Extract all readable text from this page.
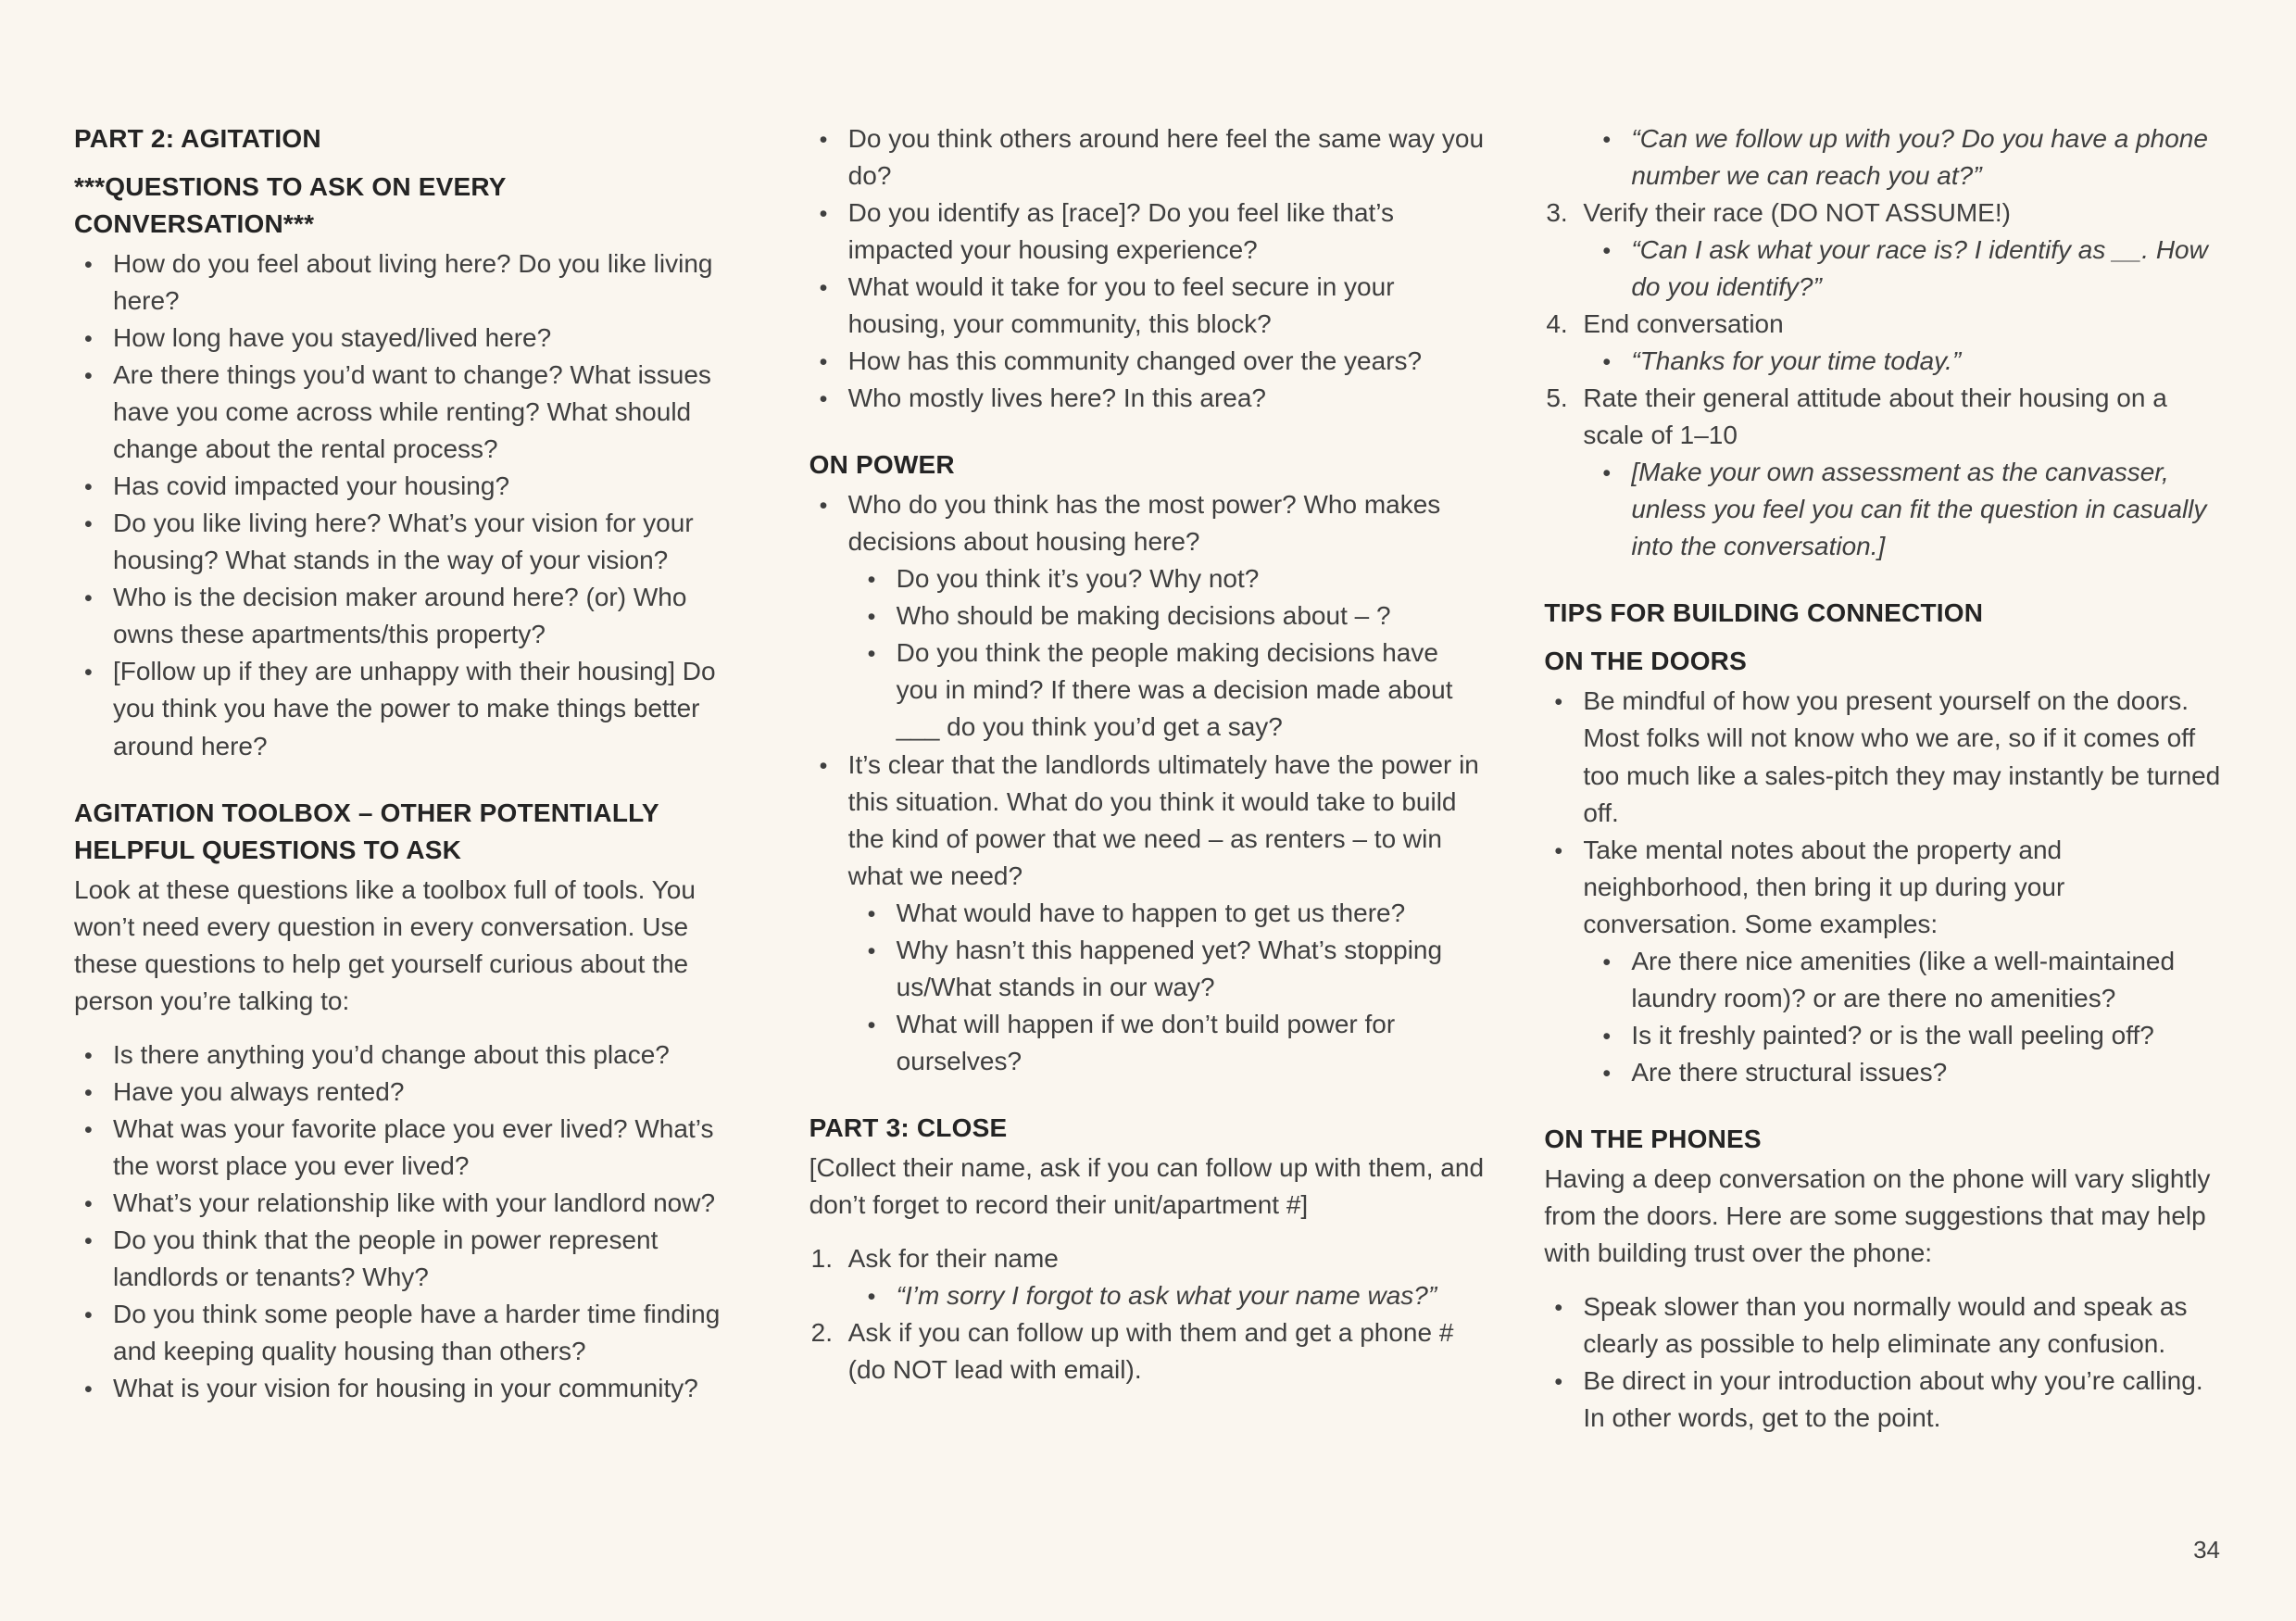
PART 2: AGITATION
***QUESTIONS TO ASK ON EVERY CONVERSATION***
• How do you feel about living here? Do you like living here?
• How long have you stayed/lived here?
• Are there things you’d want to change? What issues have you come across while renting? What should change about the rental process?
• Has covid impacted your housing?
• Do you like living here? What’s your vision for your housing? What stands in the way of your vision?
• Who is the decision maker around here? (or) Who owns these apartments/this property?
• [Follow up if they are unhappy with their housing] Do you think you have the power to make things better around here?
AGITATION TOOLBOX – OTHER POTENTIALLY HELPFUL QUESTIONS TO ASK
Look at these questions like a toolbox full of tools. You won’t need every question in every conversation. Use these questions to help get yourself curious about the person you’re talking to:
• Is there anything you’d change about this place?
• Have you always rented?
• What was your favorite place you ever lived? What’s the worst place you ever lived?
• What’s your relationship like with your landlord now?
• Do you think that the people in power represent landlords or tenants? Why?
• Do you think some people have a harder time finding and keeping quality housing than others?
• What is your vision for housing in your community?
• Do you think others around here feel the same way you do?
• Do you identify as [race]? Do you feel like that’s impacted your housing experience?
• What would it take for you to feel secure in your housing, your community, this block?
• How has this community changed over the years?
• Who mostly lives here? In this area?
ON POWER
• Who do you think has the most power? Who makes decisions about housing here?
• Do you think it’s you? Why not?
• Who should be making decisions about – ?
• Do you think the people making decisions have you in mind? If there was a decision made about ___ do you think you’d get a say?
• It’s clear that the landlords ultimately have the power in this situation. What do you think it would take to build the kind of power that we need – as renters – to win what we need?
• What would have to happen to get us there?
• Why hasn’t this happened yet? What’s stopping us/What stands in our way?
• What will happen if we don’t build power for ourselves?
PART 3: CLOSE
[Collect their name, ask if you can follow up with them, and don’t forget to record their unit/apartment #]
1. Ask for their name
• “I’m sorry I forgot to ask what your name was?”
2. Ask if you can follow up with them and get a phone # (do NOT lead with email).
• “Can we follow up with you? Do you have a phone number we can reach you at?”
3. Verify their race (DO NOT ASSUME!)
• “Can I ask what your race is? I identify as __. How do you identify?”
4. End conversation
• “Thanks for your time today.”
5. Rate their general attitude about their housing on a scale of 1–10
• [Make your own assessment as the canvasser, unless you feel you can fit the question in casually into the conversation.]
TIPS FOR BUILDING CONNECTION
ON THE DOORS
• Be mindful of how you present yourself on the doors. Most folks will not know who we are, so if it comes off too much like a sales-pitch they may instantly be turned off.
• Take mental notes about the property and neighborhood, then bring it up during your conversation. Some examples:
• Are there nice amenities (like a well-maintained laundry room)? or are there no amenities?
• Is it freshly painted? or is the wall peeling off?
• Are there structural issues?
ON THE PHONES
Having a deep conversation on the phone will vary slightly from the doors. Here are some suggestions that may help with building trust over the phone:
• Speak slower than you normally would and speak as clearly as possible to help eliminate any confusion.
• Be direct in your introduction about why you’re calling. In other words, get to the point.
34
